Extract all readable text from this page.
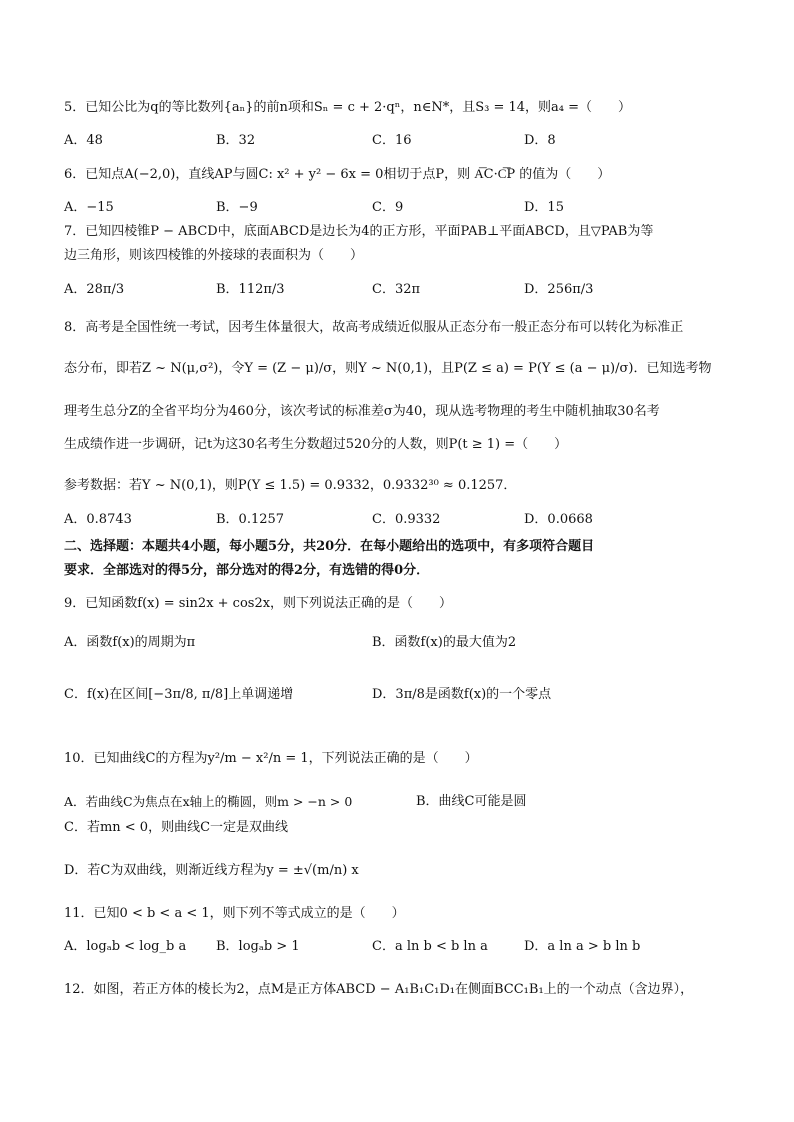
5．已知公比为q的等比数列{aₙ}的前n项和Sₙ = c + 2·qⁿ，n∈N*，且S₃ = 14，则a₄ =（　　）
A．48	B．32	C．16	D．8
6．已知点A(−2,0)，直线AP与圆C: x² + y² − 6x = 0相切于点P，则 A͞C·C͞P 的值为（　　）
A．−15	B．−9	C．9	D．15
7．已知四棱锥P − ABCD中，底面ABCD是边长为4的正方形，平面PAB⊥平面ABCD，且▽PAB为等
边三角形，则该四棱锥的外接球的表面积为（　　）
A．28π/3	B．112π/3	C．32π	D．256π/3
8．高考是全国性统一考试，因考生体量很大，故高考成绩近似服从正态分布一般正态分布可以转化为标准正
态分布，即若Z ~ N(μ,σ²)，令Y = (Z − μ)/σ，则Y ~ N(0,1)，且P(Z ≤ a) = P(Y ≤ (a − μ)/σ)．已知选考物
理考生总分Z的全省平均分为460分，该次考试的标准差σ为40，现从选考物理的考生中随机抽取30名考
生成绩作进一步调研，记t为这30名考生分数超过520分的人数，则P(t ≥ 1) =（　　）
参考数据：若Y ~ N(0,1)，则P(Y ≤ 1.5) = 0.9332，0.9332³⁰ ≈ 0.1257．
A．0.8743	B．0.1257	C．0.9332	D．0.0668
二、选择题：本题共4小题，每小题5分，共20分．在每小题给出的选项中，有多项符合题目
要求．全部选对的得5分，部分选对的得2分，有选错的得0分．
9．已知函数f(x) = sin2x + cos2x，则下列说法正确的是（　　）
A．函数f(x)的周期为π	B．函数f(x)的最大值为2
C．f(x)在区间[−3π/8, π/8]上单调递增	D．3π/8是函数f(x)的一个零点
10．已知曲线C的方程为y²/m − x²/n = 1，下列说法正确的是（　　）
A．若曲线C为焦点在x轴上的椭圆，则m > −n > 0	B．曲线C可能是圆
C．若mn < 0，则曲线C一定是双曲线
D．若C为双曲线，则渐近线方程为y = ±√(m/n) x
11．已知0 < b < a < 1，则下列不等式成立的是（　　）
A．logₐb < log_b a B．logₐb > 1	C．a ln b < b ln a	D．a ln a > b ln b
12．如图，若正方体的棱长为2，点M是正方体ABCD − A₁B₁C₁D₁在侧面BCC₁B₁上的一个动点（含边界），
